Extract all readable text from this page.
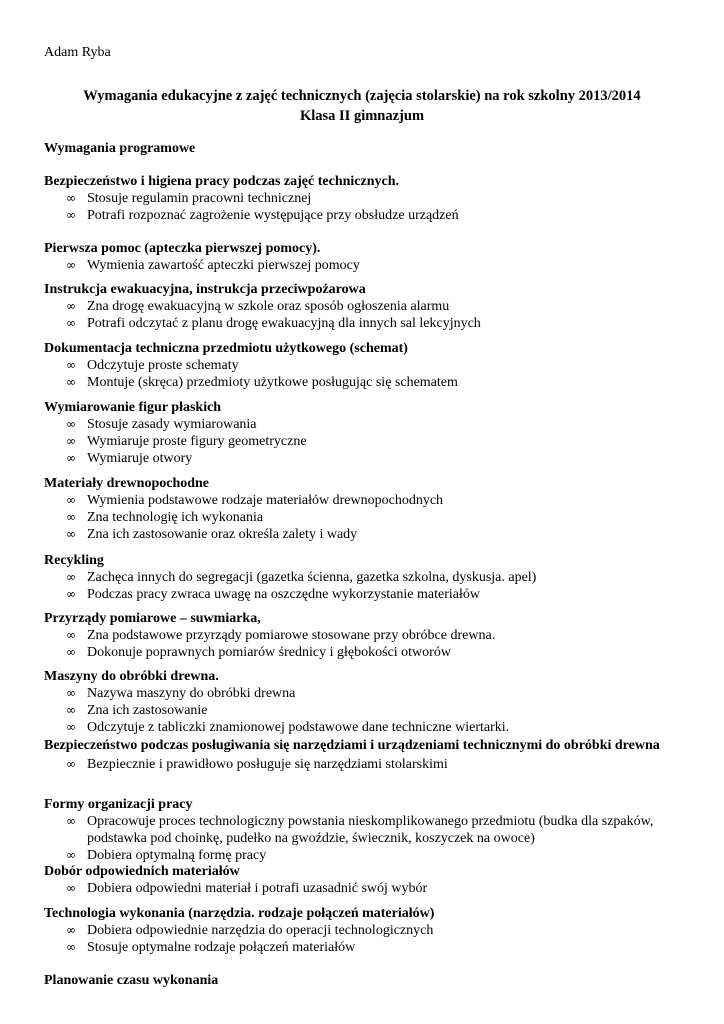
Adam Ryba
Wymagania edukacyjne z zajęć technicznych (zajęcia stolarskie) na rok szkolny 2013/2014
Klasa II gimnazjum
Wymagania programowe

Bezpieczeństwo i higiena pracy podczas zajęć technicznych.

∞ Stosuje regulamin pracowni technicznej
∞ Potrafi rozpoznać zagrożenie występujące przy obsłudze urządzeń

Pierwsza pomoc (apteczka pierwszej pomocy).

∞ Wymienia zawartość apteczki pierwszej pomocy

Instrukcja ewakuacyjna, instrukcja przeciwpożarowa

∞ Zna drogę ewakuacyjną w szkole oraz sposób ogłoszenia alarmu
∞ Potrafi odczytać z planu drogę ewakuacyjną dla innych sal lekcyjnych

Dokumentacja techniczna przedmiotu użytkowego (schemat)

∞ Odczytuje proste schematy
∞ Montuje (skręca) przedmioty użytkowe posługując się schematem

Wymiarowanie figur płaskich

∞ Stosuje zasady wymiarowania
∞ Wymiaruje proste figury geometryczne
∞ Wymiaruje otwory

Materiały drewnopochodne

∞ Wymienia podstawowe rodzaje materiałów drewnopochodnych
∞ Zna technologię ich wykonania
∞ Zna ich zastosowanie oraz określa zalety i wady

Recykling

∞ Zachęca innych do segregacji (gazetka ścienna, gazetka szkolna, dyskusja. apel)
∞ Podczas pracy zwraca uwagę na oszczędne wykorzystanie materiałów

Przyrządy pomiarowe – suwmiarka,

∞ Zna podstawowe przyrządy pomiarowe stosowane przy obróbce drewna.
∞ Dokonuje poprawnych pomiarów średnicy i głębokości otworów

Maszyny do obróbki drewna.

∞ Nazywa maszyny do obróbki drewna
∞ Zna ich zastosowanie
∞ Odczytuje z tabliczki znamionowej podstawowe dane techniczne wiertarki.

Bezpieczeństwo podczas posługiwania się narzędziami i urządzeniami technicznymi do obróbki drewna

∞ Bezpiecznie i prawidłowo posługuje się narzędziami stolarskimi

Formy organizacji pracy

∞ Opracowuje proces technologiczny powstania nieskomplikowanego przedmiotu (budka dla szpaków, podstawka pod choinkę, pudełko na gwoździe, świecznik, koszyczek na owoce)
∞ Dobiera optymalną formę pracy

Dobór odpowiednich materiałów

∞ Dobiera odpowiedni materiał i potrafi uzasadnić swój wybór

Technologia wykonania (narzędzia. rodzaje połączeń materiałów)

∞ Dobiera odpowiednie narzędzia do operacji technologicznych
∞ Stosuje optymalne rodzaje połączeń materiałów
Planowanie czasu wykonania
